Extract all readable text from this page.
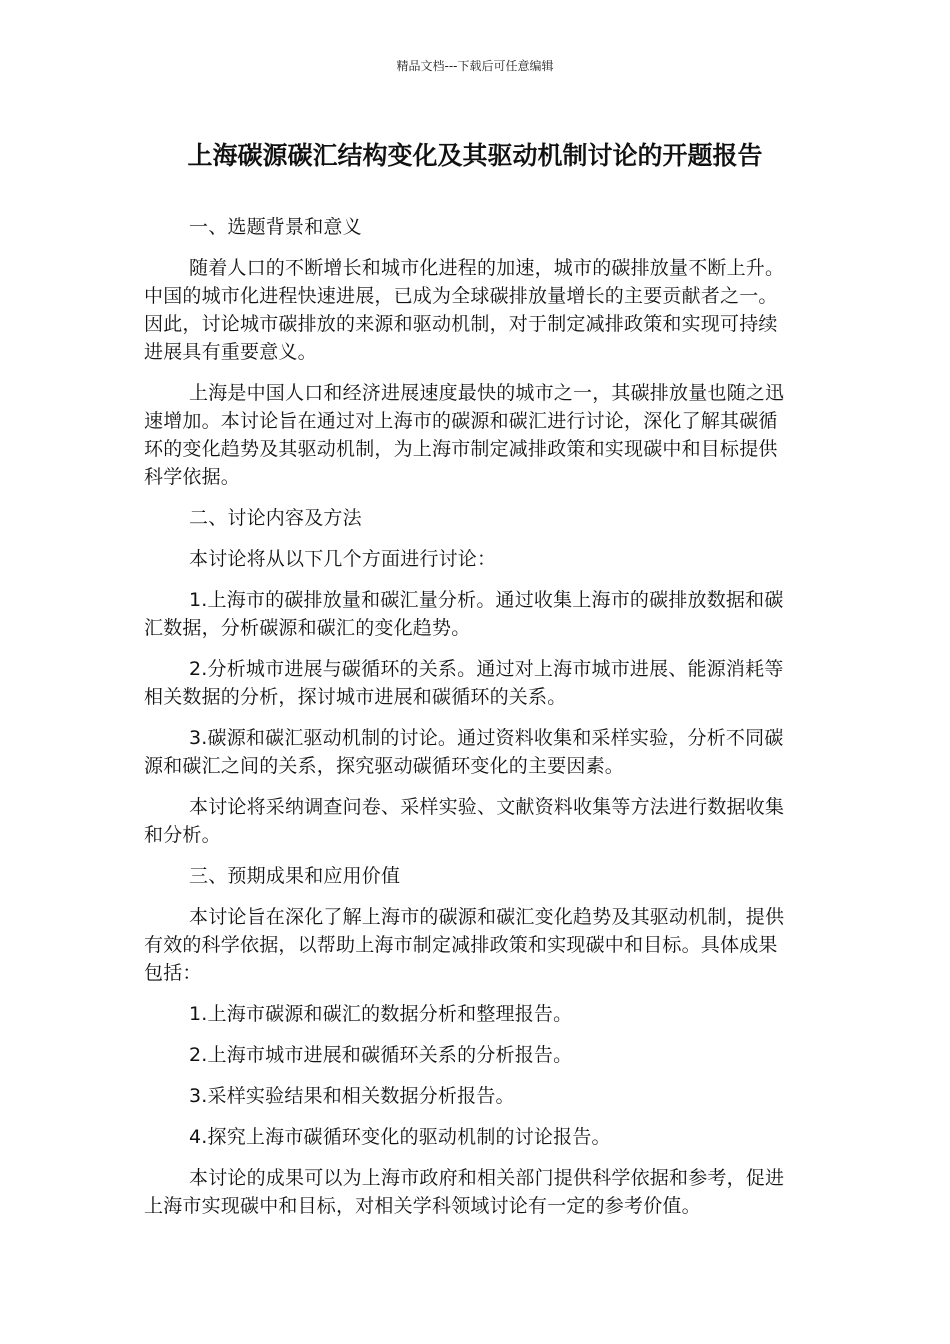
精品文档---下载后可任意编辑
上海碳源碳汇结构变化及其驱动机制讨论的开题报告

一、选题背景和意义

随着人口的不断增长和城市化进程的加速，城市的碳排放量不断上升。中国的城市化进程快速进展，已成为全球碳排放量增长的主要贡献者之一。因此，讨论城市碳排放的来源和驱动机制，对于制定减排政策和实现可持续进展具有重要意义。

上海是中国人口和经济进展速度最快的城市之一，其碳排放量也随之迅速增加。本讨论旨在通过对上海市的碳源和碳汇进行讨论，深化了解其碳循环的变化趋势及其驱动机制，为上海市制定减排政策和实现碳中和目标提供科学依据。

二、讨论内容及方法

本讨论将从以下几个方面进行讨论：

1.上海市的碳排放量和碳汇量分析。通过收集上海市的碳排放数据和碳汇数据，分析碳源和碳汇的变化趋势。

2.分析城市进展与碳循环的关系。通过对上海市城市进展、能源消耗等相关数据的分析，探讨城市进展和碳循环的关系。

3.碳源和碳汇驱动机制的讨论。通过资料收集和采样实验，分析不同碳源和碳汇之间的关系，探究驱动碳循环变化的主要因素。

本讨论将采纳调查问卷、采样实验、文献资料收集等方法进行数据收集和分析。

三、预期成果和应用价值

本讨论旨在深化了解上海市的碳源和碳汇变化趋势及其驱动机制，提供有效的科学依据，以帮助上海市制定减排政策和实现碳中和目标。具体成果包括：

1.上海市碳源和碳汇的数据分析和整理报告。

2.上海市城市进展和碳循环关系的分析报告。

3.采样实验结果和相关数据分析报告。

4.探究上海市碳循环变化的驱动机制的讨论报告。

本讨论的成果可以为上海市政府和相关部门提供科学依据和参考，促进上海市实现碳中和目标，对相关学科领域讨论有一定的参考价值。
